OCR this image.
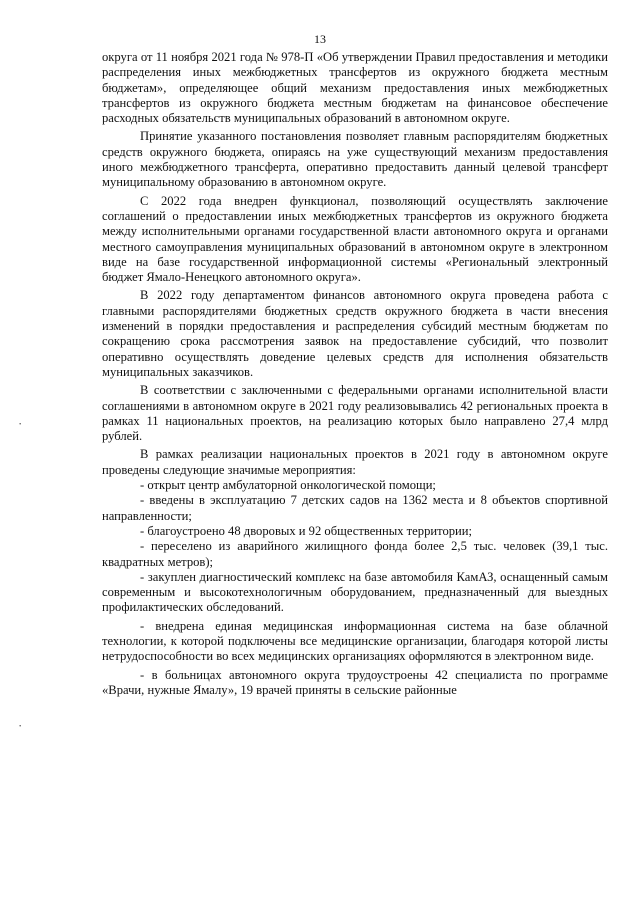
13

округа от 11 ноября 2021 года № 978-П «Об утверждении Правил предоставления и методики распределения иных межбюджетных трансфертов из окружного бюджета местным бюджетам», определяющее общий механизм предоставления иных межбюджетных трансфертов из окружного бюджета местным бюджетам на финансовое обеспечение расходных обязательств муниципальных образований в автономном округе.

Принятие указанного постановления позволяет главным распорядителям бюджетных средств окружного бюджета, опираясь на уже существующий механизм предоставления иного межбюджетного трансферта, оперативно предоставить данный целевой трансферт муниципальному образованию в автономном округе.

С 2022 года внедрен функционал, позволяющий осуществлять заключение соглашений о предоставлении иных межбюджетных трансфертов из окружного бюджета между исполнительными органами государственной власти автономного округа и органами местного самоуправления муниципальных образований в автономном округе в электронном виде на базе государственной информационной системы «Региональный электронный бюджет Ямало-Ненецкого автономного округа».

В 2022 году департаментом финансов автономного округа проведена работа с главными распорядителями бюджетных средств окружного бюджета в части внесения изменений в порядки предоставления и распределения субсидий местным бюджетам по сокращению срока рассмотрения заявок на предоставление субсидий, что позволит оперативно осуществлять доведение целевых средств для исполнения обязательств муниципальных заказчиков.

В соответствии с заключенными с федеральными органами исполнительной власти соглашениями в автономном округе в 2021 году реализовывались 42 региональных проекта в рамках 11 национальных проектов, на реализацию которых было направлено 27,4 млрд рублей.

В рамках реализации национальных проектов в 2021 году в автономном округе проведены следующие значимые мероприятия:

- открыт центр амбулаторной онкологической помощи;

- введены в эксплуатацию 7 детских садов на 1362 места и 8 объектов спортивной направленности;

- благоустроено 48 дворовых и 92 общественных территории;

- переселено из аварийного жилищного фонда более 2,5 тыс. человек (39,1 тыс. квадратных метров);

- закуплен диагностический комплекс на базе автомобиля КамАЗ, оснащенный самым современным и высокотехнологичным оборудованием, предназначенный для выездных профилактических обследований.

- внедрена единая медицинская информационная система на базе облачной технологии, к которой подключены все медицинские организации, благодаря которой листы нетрудоспособности во всех медицинских организациях оформляются в электронном виде.

- в больницах автономного округа трудоустроены 42 специалиста по программе «Врачи, нужные Ямалу», 19 врачей приняты в сельские районные

·
·
